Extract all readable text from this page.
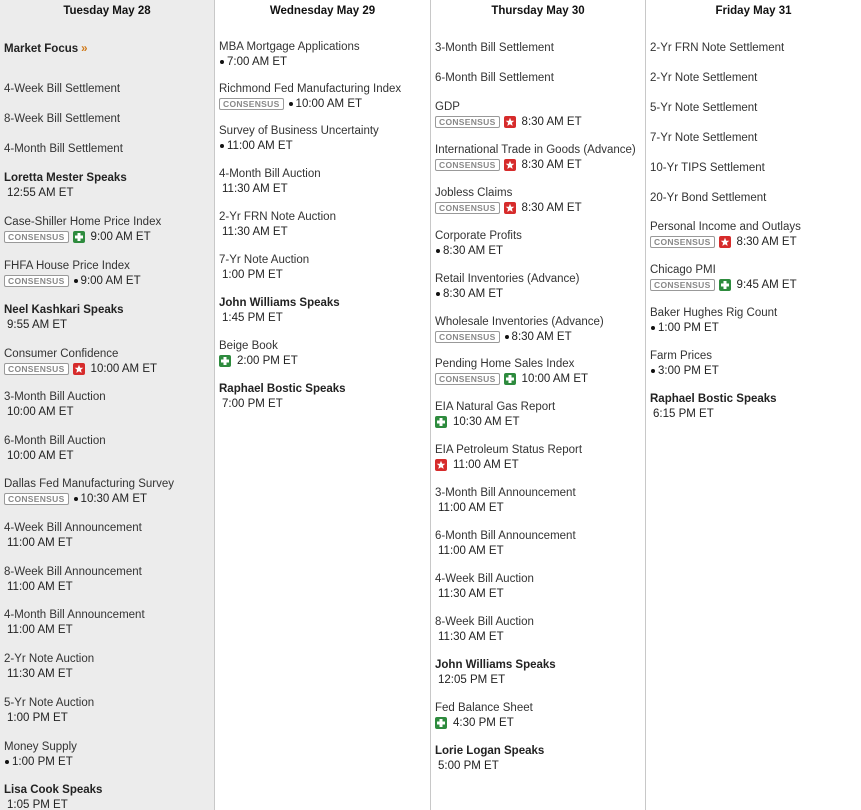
Tuesday May 28
Market Focus »
4-Week Bill Settlement
8-Week Bill Settlement
4-Month Bill Settlement
Loretta Mester Speaks
12:55 AM ET
Case-Shiller Home Price Index
CONSENSUS	9:00 AM ET
FHFA House Price Index
CONSENSUS	9:00 AM ET
Neel Kashkari Speaks
9:55 AM ET
Consumer Confidence
CONSENSUS	10:00 AM ET
3-Month Bill Auction
10:00 AM ET
6-Month Bill Auction
10:00 AM ET
Dallas Fed Manufacturing Survey
CONSENSUS	10:30 AM ET
4-Week Bill Announcement
11:00 AM ET
8-Week Bill Announcement
11:00 AM ET
4-Month Bill Announcement
11:00 AM ET
2-Yr Note Auction
11:30 AM ET
5-Yr Note Auction
1:00 PM ET
Money Supply
1:00 PM ET
Lisa Cook Speaks
1:05 PM ET
Wednesday May 29
MBA Mortgage Applications
7:00 AM ET
Richmond Fed Manufacturing Index
CONSENSUS	10:00 AM ET
Survey of Business Uncertainty
11:00 AM ET
4-Month Bill Auction
11:30 AM ET
2-Yr FRN Note Auction
11:30 AM ET
7-Yr Note Auction
1:00 PM ET
John Williams Speaks
1:45 PM ET
Beige Book
2:00 PM ET
Raphael Bostic Speaks
7:00 PM ET
Thursday May 30
3-Month Bill Settlement
6-Month Bill Settlement
GDP
CONSENSUS	8:30 AM ET
International Trade in Goods (Advance)
CONSENSUS	8:30 AM ET
Jobless Claims
CONSENSUS	8:30 AM ET
Corporate Profits
8:30 AM ET
Retail Inventories (Advance)
8:30 AM ET
Wholesale Inventories (Advance)
CONSENSUS	8:30 AM ET
Pending Home Sales Index
CONSENSUS	10:00 AM ET
EIA Natural Gas Report
10:30 AM ET
EIA Petroleum Status Report
11:00 AM ET
3-Month Bill Announcement
11:00 AM ET
6-Month Bill Announcement
11:00 AM ET
4-Week Bill Auction
11:30 AM ET
8-Week Bill Auction
11:30 AM ET
John Williams Speaks
12:05 PM ET
Fed Balance Sheet
4:30 PM ET
Lorie Logan Speaks
5:00 PM ET
Friday May 31
2-Yr FRN Note Settlement
2-Yr Note Settlement
5-Yr Note Settlement
7-Yr Note Settlement
10-Yr TIPS Settlement
20-Yr Bond Settlement
Personal Income and Outlays
CONSENSUS	8:30 AM ET
Chicago PMI
CONSENSUS	9:45 AM ET
Baker Hughes Rig Count
1:00 PM ET
Farm Prices
3:00 PM ET
Raphael Bostic Speaks
6:15 PM ET
